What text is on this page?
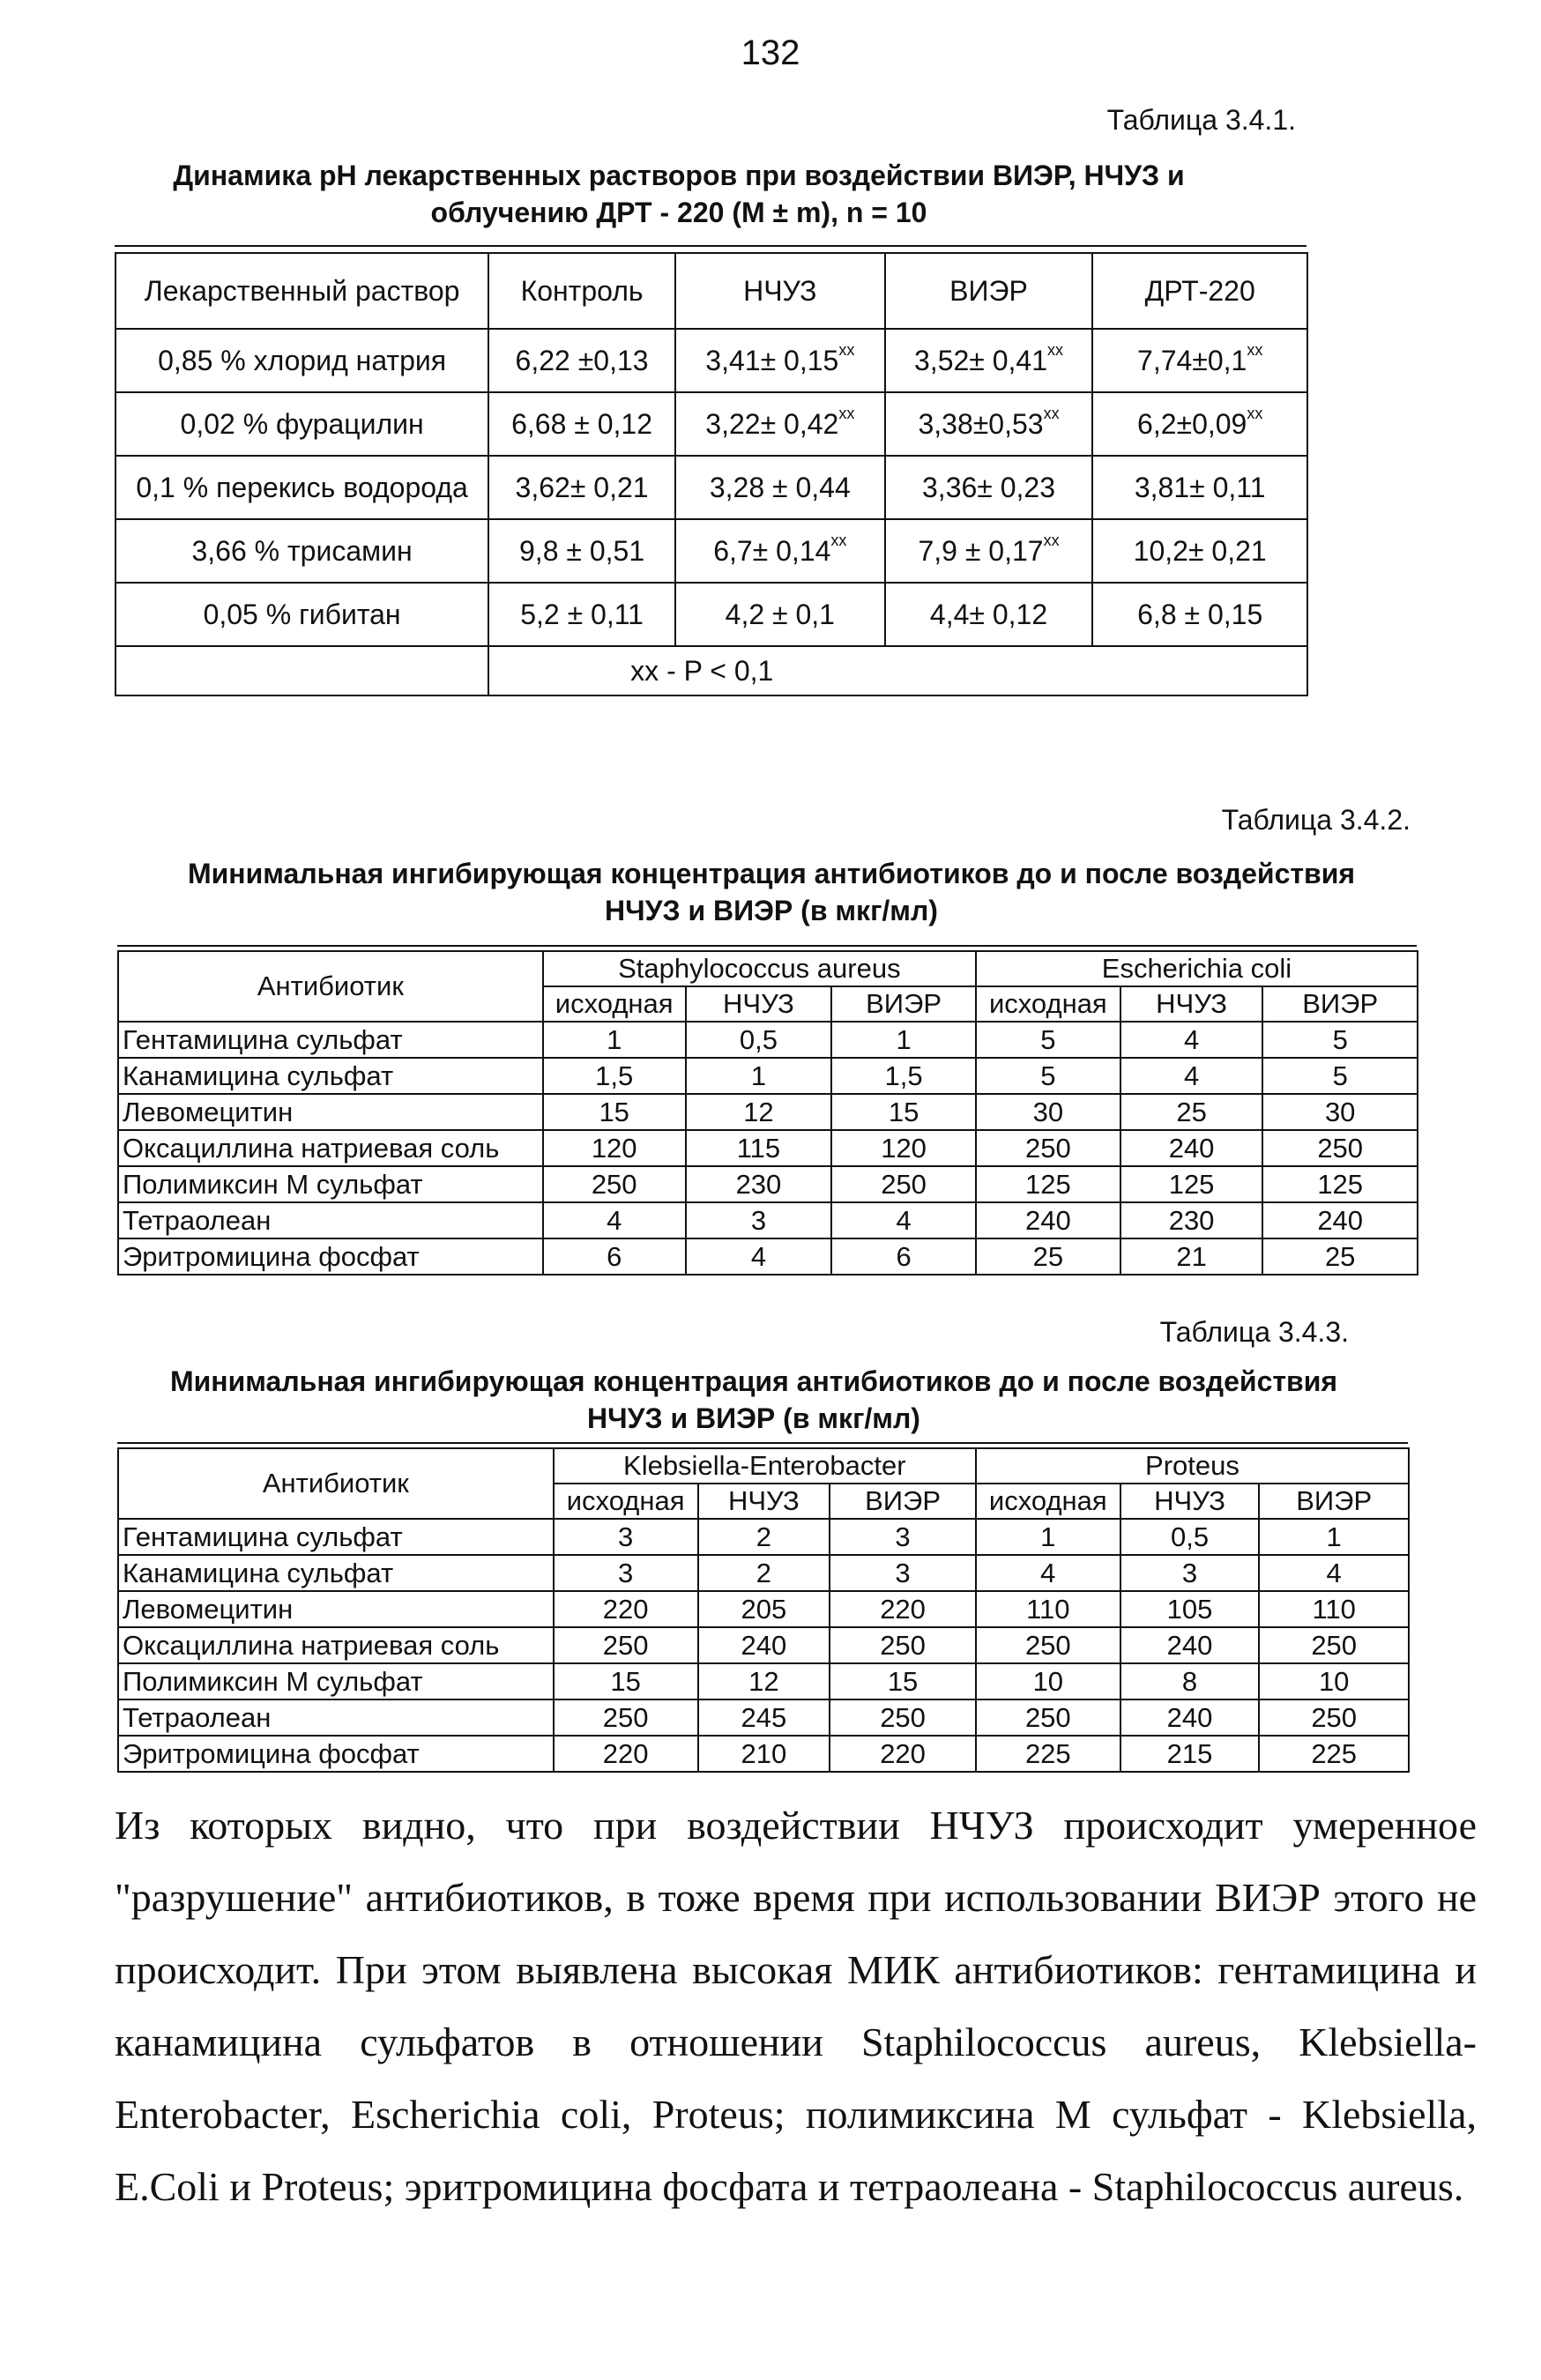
132
Таблица 3.4.1.
Динамика рН лекарственных растворов при воздействии ВИЭР, НЧУЗ и
облучению ДРТ - 220 (M ± m), n = 10
Лекарственный раствор	Контроль	НЧУЗ	ВИЭР	ДРТ-220
0,85 % хлорид натрия	6,22 ±0,13	$3,41\pm 0,15^{xx}$	$3,52\pm 0,41^{xx}$	$7,74\pm 0,1^{xx}$
0,02 % фурацилин	6,68 ± 0,12	$3,22\pm 0,42^{xx}$	$3,38\pm 0,53^{xx}$	$6,2\pm 0,09^{xx}$
0,1 % перекись водорода	3,62± 0,21	3,28 ± 0,44	3,36± 0,23	3,81± 0,11
3,66 % трисамин	9,8 ± 0,51	$6,7\pm 0,14^{xx}$	$7,9 \pm 0,17^{xx}$	10,2± 0,21
0,05 % гибитан	5,2 ± 0,11	4,2 ± 0,1	4,4± 0,12	6,8 ± 0,15
	xx - P < 0,1			
Таблица 3.4.2.
Минимальная ингибирующая концентрация антибиотиков до и после воздействия
НЧУЗ и ВИЭР (в мкг/мл)
Антибиотик	Staphylococcus aureus			Escherichia coli		
	исходная	НЧУЗ	ВИЭР	исходная	НЧУЗ	ВИЭР
Гентамицина сульфат	1	0,5	1	5	4	5
Канамицина сульфат	1,5	1	1,5	5	4	5
Левомецитин	15	12	15	30	25	30
Оксациллина натриевая соль	120	115	120	250	240	250
Полимиксин М сульфат	250	230	250	125	125	125
Тетраолеан	4	3	4	240	230	240
Эритромицина фосфат	6	4	6	25	21	25
Таблица 3.4.3.
Минимальная ингибирующая концентрация антибиотиков до и после воздействия
НЧУЗ и ВИЭР (в мкг/мл)
Антибиотик	Klebsiella-Enterobacter			Proteus		
	исходная	НЧУЗ	ВИЭР	исходная	НЧУЗ	ВИЭР
Гентамицина сульфат	3	2	3	1	0,5	1
Канамицина сульфат	3	2	3	4	3	4
Левомецитин	220	205	220	110	105	110
Оксациллина натриевая соль	250	240	250	250	240	250
Полимиксин М сульфат	15	12	15	10	8	10
Тетраолеан	250	245	250	250	240	250
Эритромицина фосфат	220	210	220	225	215	225
Из которых видно, что при воздействии НЧУЗ происходит умеренное "разрушение" антибиотиков, в тоже время при использовании ВИЭР этого не происходит. При этом выявлена высокая МИК антибиотиков: гентамицина и канамицина сульфатов в отношении Staphilococcus aureus, Klebsiella-Enterobacter, Escherichia coli, Proteus; полимиксина М сульфат - Klebsiella, E.Coli и Proteus; эритромицина фосфата и тетраолеана - Staphilococcus aureus.
